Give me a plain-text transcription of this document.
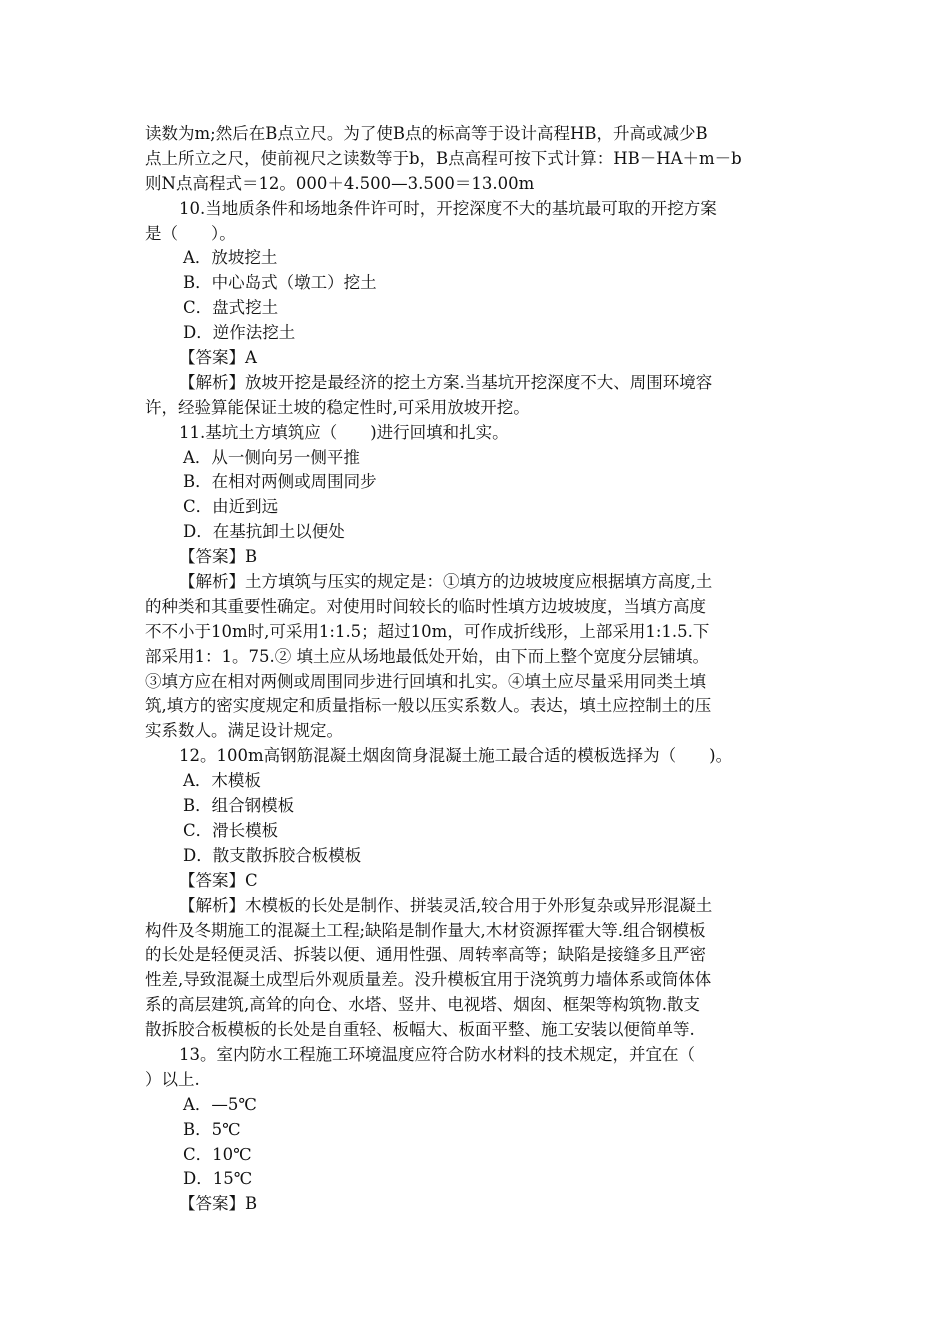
读数为m;然后在B点立尺。为了使B点的标高等于设计高程HB，升高或减少B
点上所立之尺，使前视尺之读数等于b，B点高程可按下式计算：HB－HA＋m－b
则N点高程式＝12。000＋4.500—3.500＝13.00m
10.当地质条件和场地条件许可时，开挖深度不大的基坑最可取的开挖方案
是（　　）。
A．放坡挖土
B．中心岛式（墩工）挖土
C．盘式挖土
D．逆作法挖土
【答案】A
【解析】放坡开挖是最经济的挖土方案.当基坑开挖深度不大、周围环境容
许，经验算能保证土坡的稳定性时,可采用放坡开挖。
11.基坑土方填筑应（　　)进行回填和扎实。
A．从一侧向另一侧平推
B．在相对两侧或周围同步
C．由近到远
D．在基抗卸土以便处
【答案】B
【解析】土方填筑与压实的规定是：①填方的边坡坡度应根据填方高度,土
的种类和其重要性确定。对使用时间较长的临时性填方边坡坡度，当填方高度
不不小于10m时,可采用1:1.5；超过10m，可作成折线形，上部采用1:1.5.下
部采用1：1。75.② 填土应从场地最低处开始，由下而上整个宽度分层铺填。
③填方应在相对两侧或周围同步进行回填和扎实。④填土应尽量采用同类土填
筑,填方的密实度规定和质量指标一般以压实系数人。表达，填土应控制土的压
实系数人。满足设计规定。
12。100m高钢筋混凝土烟囱筒身混凝土施工最合适的模板选择为（　　)。
A．木模板
B．组合钢模板
C．滑长模板
D．散支散拆胶合板模板
【答案】C
【解析】木模板的长处是制作、拼装灵活,较合用于外形复杂或异形混凝土
构件及冬期施工的混凝土工程;缺陷是制作量大,木材资源挥霍大等.组合钢模板
的长处是轻便灵活、拆装以便、通用性强、周转率高等；缺陷是接缝多且严密
性差,导致混凝土成型后外观质量差。没升模板宜用于浇筑剪力墙体系或筒体体
系的高层建筑,高耸的向仓、水塔、竖井、电视塔、烟囱、框架等构筑物.散支
散拆胶合板模板的长处是自重轻、板幅大、板面平整、施工安装以便简单等.
13。室内防水工程施工环境温度应符合防水材料的技术规定，并宜在（
）以上.
A．—5℃
B．5℃
C．10℃
D．15℃
【答案】B
